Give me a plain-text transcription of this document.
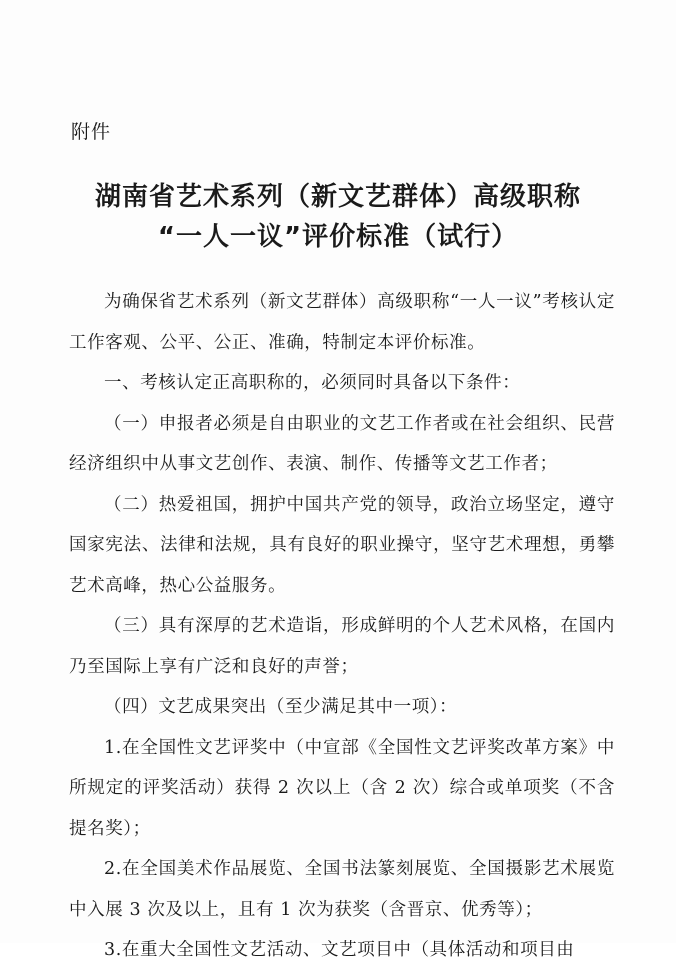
附件
湖南省艺术系列（新文艺群体）高级职称
“一人一议”评价标准（试行）

为确保省艺术系列（新文艺群体）高级职称“一人一议”考核认定工作客观、公平、公正、准确，特制定本评价标准。

一、考核认定正高职称的，必须同时具备以下条件：

（一）申报者必须是自由职业的文艺工作者或在社会组织、民营经济组织中从事文艺创作、表演、制作、传播等文艺工作者；

（二）热爱祖国，拥护中国共产党的领导，政治立场坚定，遵守国家宪法、法律和法规，具有良好的职业操守，坚守艺术理想，勇攀艺术高峰，热心公益服务。

（三）具有深厚的艺术造诣，形成鲜明的个人艺术风格，在国内乃至国际上享有广泛和良好的声誉；

（四）文艺成果突出（至少满足其中一项）：

1.在全国性文艺评奖中（中宣部《全国性文艺评奖改革方案》中所规定的评奖活动）获得 2 次以上（含 2 次）综合或单项奖（不含提名奖）；

2.在全国美术作品展览、全国书法篆刻展览、全国摄影艺术展览中入展 3 次及以上，且有 1 次为获奖（含晋京、优秀等）；

3.在重大全国性文艺活动、文艺项目中（具体活动和项目由
